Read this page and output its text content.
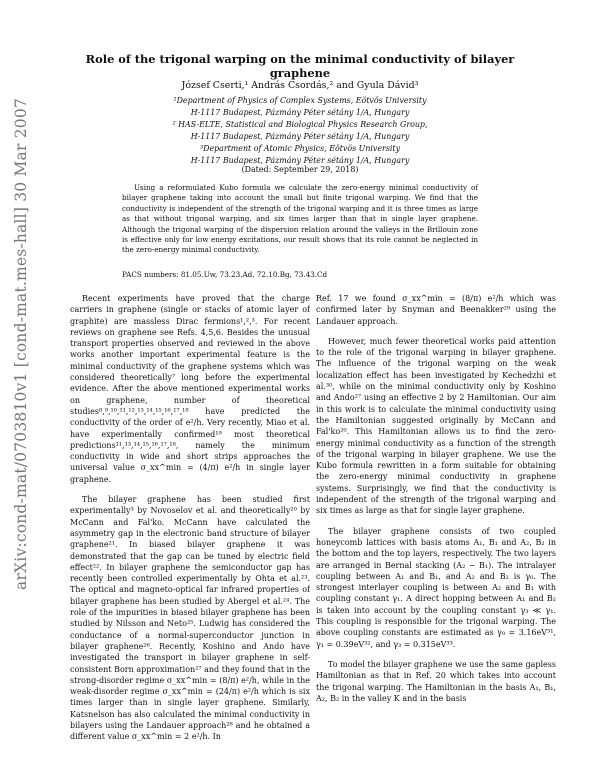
arXiv:cond-mat/0703810v1 [cond-mat.mes-hall] 30 Mar 2007
Role of the trigonal warping on the minimal conductivity of bilayer graphene
József Cserti,¹ András Csordás,² and Gyula Dávid³
¹Department of Physics of Complex Systems, Eötvös University
H-1117 Budapest, Pázmány Péter sétány 1/A, Hungary
² HAS-ELTE, Statistical and Biological Physics Research Group,
H-1117 Budapest, Pázmány Péter sétány 1/A, Hungary
³Department of Atomic Physics, Eötvös University
H-1117 Budapest, Pázmány Péter sétány 1/A, Hungary
(Dated: September 29, 2018)
Using a reformulated Kubo formula we calculate the zero-energy minimal conductivity of bilayer graphene taking into account the small but finite trigonal warping. We find that the conductivity is independent of the strength of the trigonal warping and it is three times as large as that without trigonal warping, and six times larger than that in single layer graphene. Although the trigonal warping of the dispersion relation around the valleys in the Brillouin zone is effective only for low energy excitations, our result shows that its role cannot be neglected in the zero-energy minimal conductivity.
PACS numbers: 81.05.Uw, 73.23.Ad, 72.10.Bg, 73.43.Cd

Recent experiments have proved that the charge carriers in graphene (single or stacks of atomic layer of graphite) are massless Dirac fermions¹,²,³. For recent reviews on graphene see Refs. 4,5,6. Besides the unusual transport properties observed and reviewed in the above works another important experimental feature is the minimal conductivity of the graphene systems which was considered theoretically⁷ long before the experimental evidence. After the above mentioned experimental works on graphene, number of theoretical studies⁸,⁹,¹⁰,¹¹,¹²,¹³,¹⁴,¹⁵,¹⁶,¹⁷,¹⁸ have predicted the conductivity of the order of e²/h. Very recently, Miao et al. have experimentally confirmed¹⁹ most theoretical predictions¹¹,¹³,¹⁴,¹⁵,¹⁶,¹⁷,¹⁸, namely the minimum conductivity in wide and short strips approaches the universal value σ_xx^min = (4/π) e²/h in single layer graphene.

The bilayer graphene has been studied first experimentally³ by Novoselov et al. and theoretically²⁰ by McCann and Fal'ko. McCann have calculated the asymmetry gap in the electronic band structure of bilayer graphene²¹. In biased bilayer graphene it was demonstrated that the gap can be tuned by electric field effect²². In bilayer graphene the semiconductor gap has recently been controlled experimentally by Ohta et al.²³. The optical and magneto-optical far infrared properties of bilayer graphene has been studied by Abergel et al.²⁴. The role of the impurities in biased bilayer graphene has been studied by Nilsson and Neto²⁵. Ludwig has considered the conductance of a normal-superconductor junction in bilayer graphene²⁶. Recently, Koshino and Ando have investigated the transport in bilayer graphene in self-consistent Born approximation²⁷ and they found that in the strong-disorder regime σ_xx^min = (8/π) e²/h, while in the weak-disorder regime σ_xx^min = (24/π) e²/h which is six times larger than in single layer graphene. Similarly, Katsnelson has also calculated the minimal conductivity in bilayers using the Landauer approach²⁸ and he obtained a different value σ_xx^min = 2 e²/h. In

Ref. 17 we found σ_xx^min = (8/π) e²/h which was confirmed later by Snyman and Beenakker²⁹ using the Landauer approach.

However, much fewer theoretical works paid attention to the role of the trigonal warping in bilayer graphene. The influence of the trigonal warping on the weak localization effect has been investigated by Kechedzhi et al.³⁰, while on the minimal conductivity only by Koshino and Ando²⁷ using an effective 2 by 2 Hamiltonian. Our aim in this work is to calculate the minimal conductivity using the Hamiltonian suggested originally by McCann and Fal'ko²⁰. This Hamiltonian allows us to find the zero-energy minimal conductivity as a function of the strength of the trigonal warping in bilayer graphene. We use the Kubo formula rewritten in a form suitable for obtaining the zero-energy minimal conductivity in graphene systems. Surprisingly, we find that the conductivity is independent of the strength of the trigonal warping and six times as large as that for single layer graphene.

The bilayer graphene consists of two coupled honeycomb lattices with basis atoms A₁, B₁ and A₂, B₂ in the bottom and the top layers, respectively. The two layers are arranged in Bernal stacking (A₂ − B₁). The intralayer coupling between A₁ and B₁, and A₂ and B₂ is γ₀. The strongest interlayer coupling is between A₂ and B₁ with coupling constant γ₁. A direct hopping between A₁ and B₂ is taken into account by the coupling constant γ₃ ≪ γ₁. This coupling is responsible for the trigonal warping. The above coupling constants are estimated as γ₀ = 3.16eV³¹, γ₁ = 0.39eV³², and γ₃ = 0.315eV³³.

To model the bilayer graphene we use the same gapless Hamiltonian as that in Ref. 20 which takes into account the trigonal warping. The Hamiltonian in the basis A₁, B₁, A₂, B₂ in the valley K and in the basis
